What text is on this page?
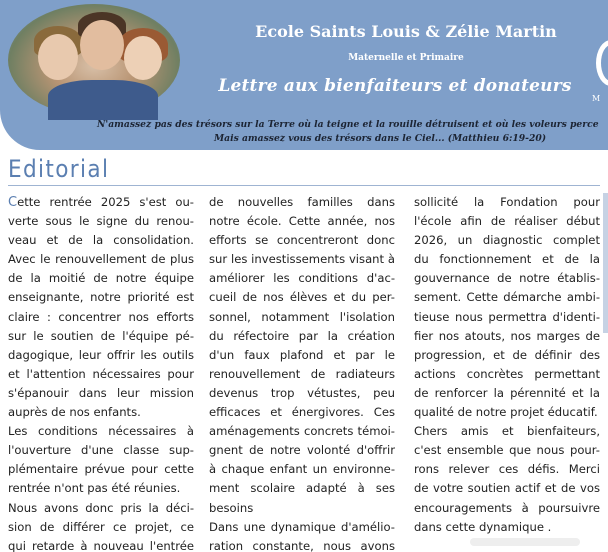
Ecole Saints Louis & Zélie Martin
Maternelle et Primaire
Lettre aux bienfaiteurs et donateurs
M
N'amassez pas des trésors sur la Terre où la teigne et la rouille détruisent et où les voleurs perce
Mais amassez vous des trésors dans le Ciel... (Matthieu 6:19-20)
Editorial
Cette rentrée 2025 s'est ou-
verte sous le signe du renou-
veau et de la consolidation.
Avec le renouvellement de plus
de la moitié de notre équipe
enseignante, notre priorité est
claire : concentrer nos efforts
sur le soutien de l'équipe pé-
dagogique, leur offrir les outils
et l'attention nécessaires pour
s'épanouir dans leur mission
auprès de nos enfants.
Les conditions nécessaires à
l'ouverture d'une classe sup-
plémentaire prévue pour cette
rentrée n'ont pas été réunies.
Nous avons donc pris la déci-
sion de différer ce projet, ce
qui retarde à nouveau l'entrée
de nouvelles familles dans
notre école. Cette année, nos
efforts se concentreront donc
sur les investissements visant à
améliorer les conditions d'ac-
cueil de nos élèves et du per-
sonnel, notamment l'isolation
du réfectoire par la création
d'un faux plafond et par le
renouvellement de radiateurs
devenus trop vétustes, peu
efficaces et énergivores. Ces
aménagements concrets témoi-
gnent de notre volonté d'offrir
à chaque enfant un environne-
ment scolaire adapté à ses
besoins
Dans une dynamique d'amélio-
ration constante, nous avons
sollicité la Fondation pour
l'école afin de réaliser début
2026, un diagnostic complet
du fonctionnement et de la
gouvernance de notre établis-
sement. Cette démarche ambi-
tieuse nous permettra d'identi-
fier nos atouts, nos marges de
progression, et de définir des
actions concrètes permettant
de renforcer la pérennité et la
qualité de notre projet éducatif.
Chers amis et bienfaiteurs,
c'est ensemble que nous pour-
rons relever ces défis. Merci
de votre soutien actif et de vos
encouragements à poursuivre
dans cette dynamique .
